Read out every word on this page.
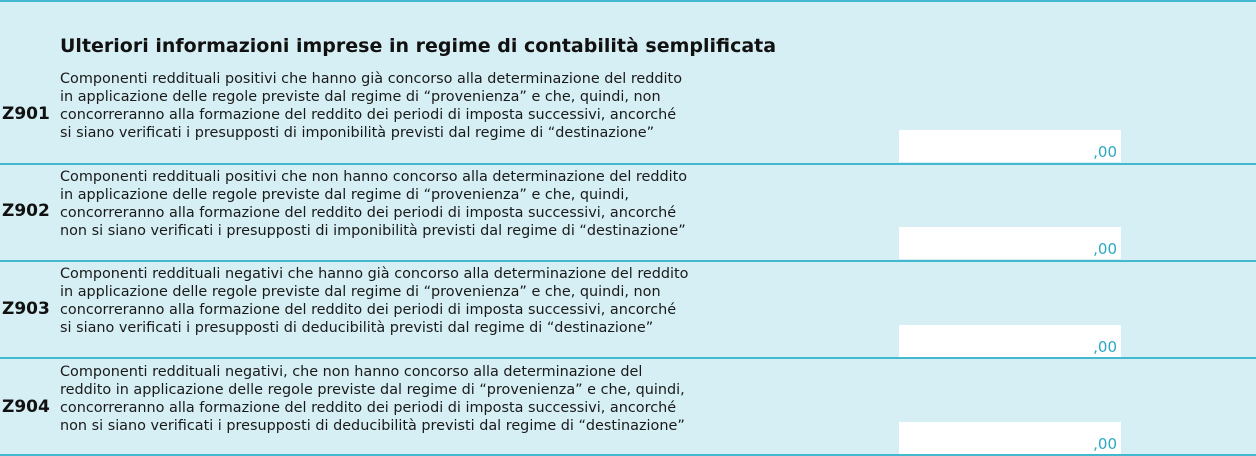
Ulteriori informazioni imprese in regime di contabilità semplificata
Z901
Componenti reddituali positivi che hanno già concorso alla determinazione del reddito
in applicazione delle regole previste dal regime di “provenienza” e che, quindi, non
concorreranno alla formazione del reddito dei periodi di imposta successivi, ancorché
si siano verificati i presupposti di imponibilità previsti dal regime di “destinazione”
,00
Z902
Componenti reddituali positivi che non hanno concorso alla determinazione del reddito
in applicazione delle regole previste dal regime di “provenienza” e che, quindi,
concorreranno alla formazione del reddito dei periodi di imposta successivi, ancorché
non si siano verificati i presupposti di imponibilità previsti dal regime di “destinazione”
,00
Z903
Componenti reddituali negativi che hanno già concorso alla determinazione del reddito
in applicazione delle regole previste dal regime di “provenienza” e che, quindi, non
concorreranno alla formazione del reddito dei periodi di imposta successivi, ancorché
si siano verificati i presupposti di deducibilità previsti dal regime di “destinazione”
,00
Z904
Componenti reddituali negativi, che non hanno concorso alla determinazione del
reddito in applicazione delle regole previste dal regime di “provenienza” e che, quindi,
concorreranno alla formazione del reddito dei periodi di imposta successivi, ancorché
non si siano verificati i presupposti di deducibilità previsti dal regime di “destinazione”
,00
